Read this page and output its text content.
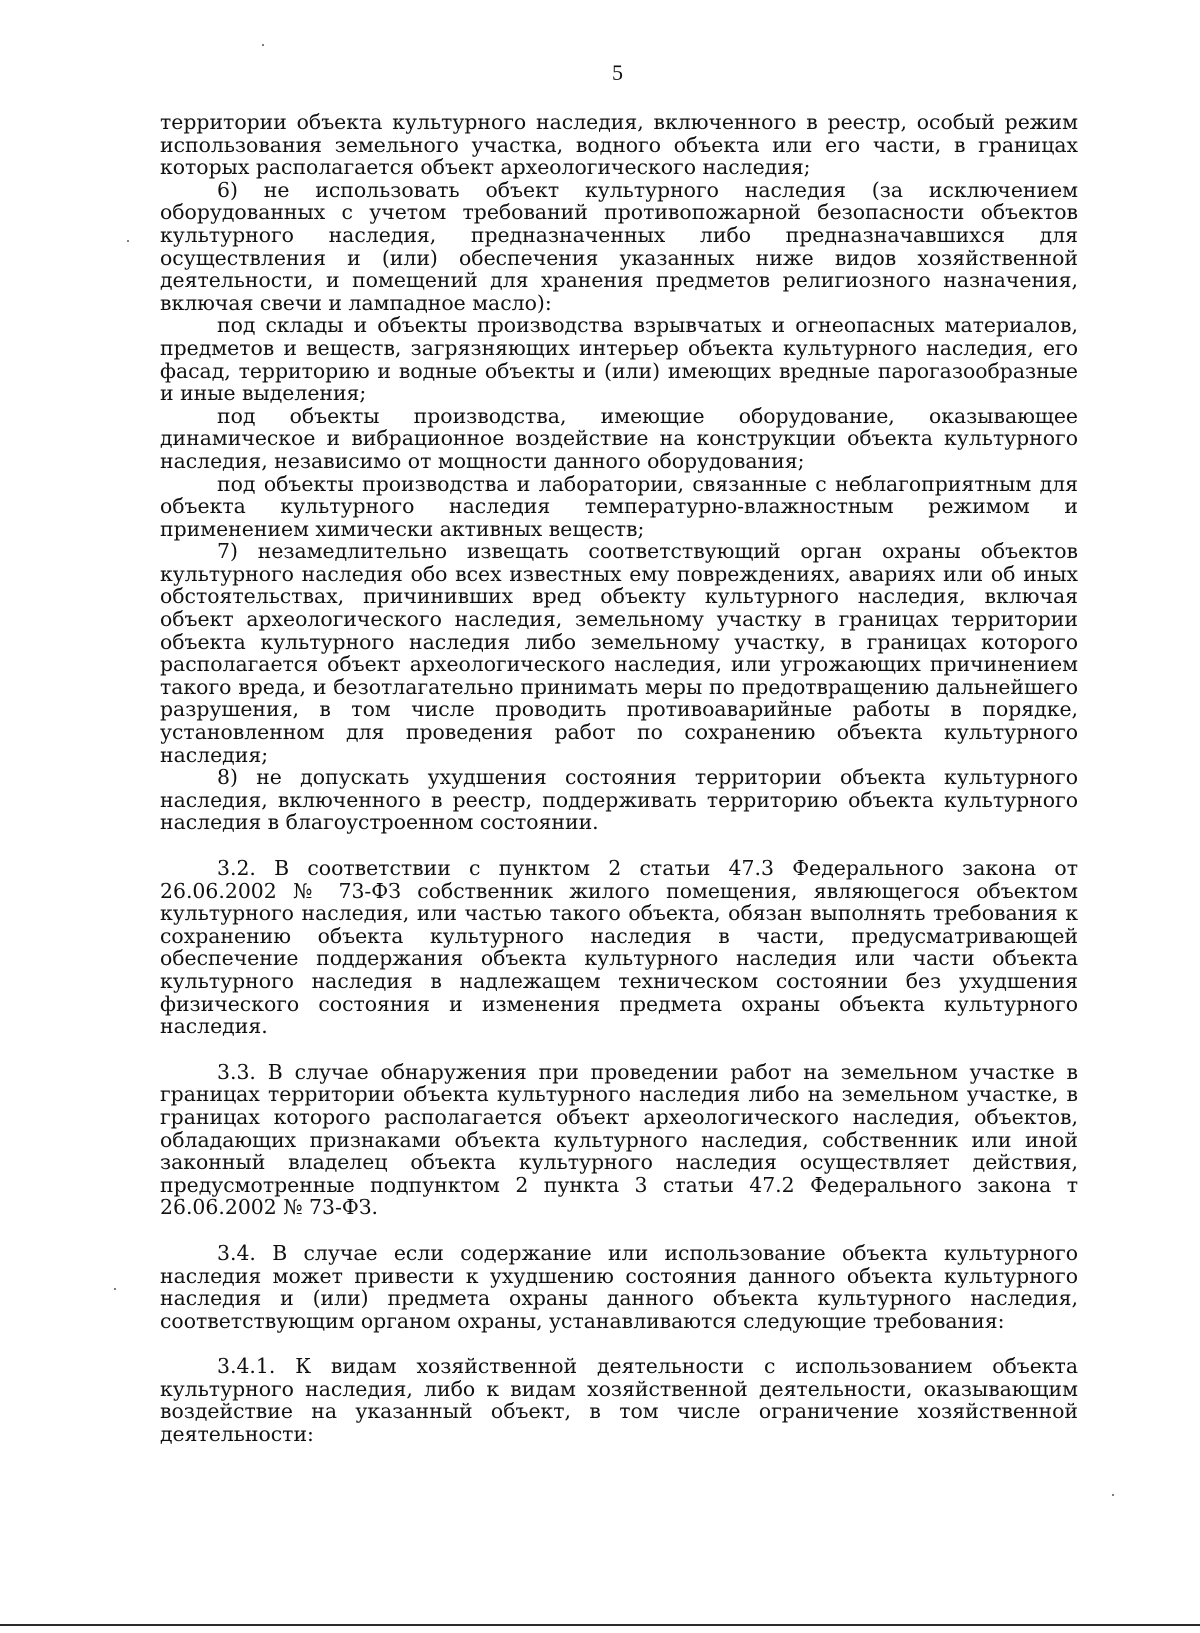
5

территории объекта культурного наследия, включенного в реестр, особый режим использования земельного участка, водного объекта или его части, в границах которых располагается объект археологического наследия;

6) не использовать объект культурного наследия (за исключением оборудованных с учетом требований противопожарной безопасности объектов культурного наследия, предназначенных либо предназначавшихся для осуществления и (или) обеспечения указанных ниже видов хозяйственной деятельности, и помещений для хранения предметов религиозного назначения, включая свечи и лампадное масло):

под склады и объекты производства взрывчатых и огнеопасных материалов, предметов и веществ, загрязняющих интерьер объекта культурного наследия, его фасад, территорию и водные объекты и (или) имеющих вредные парогазообразные и иные выделения;

под объекты производства, имеющие оборудование, оказывающее динамическое и вибрационное воздействие на конструкции объекта культурного наследия, независимо от мощности данного оборудования;

под объекты производства и лаборатории, связанные с неблагоприятным для объекта культурного наследия температурно-влажностным режимом и применением химически активных веществ;

7) незамедлительно извещать соответствующий орган охраны объектов культурного наследия обо всех известных ему повреждениях, авариях или об иных обстоятельствах, причинивших вред объекту культурного наследия, включая объект археологического наследия, земельному участку в границах территории объекта культурного наследия либо земельному участку, в границах которого располагается объект археологического наследия, или угрожающих причинением такого вреда, и безотлагательно принимать меры по предотвращению дальнейшего разрушения, в том числе проводить противоаварийные работы в порядке, установленном для проведения работ по сохранению объекта культурного наследия;

8) не допускать ухудшения состояния территории объекта культурного наследия, включенного в реестр, поддерживать территорию объекта культурного наследия в благоустроенном состоянии.

3.2. В соответствии с пунктом 2 статьи 47.3 Федерального закона от 26.06.2002 № 73-ФЗ собственник жилого помещения, являющегося объектом культурного наследия, или частью такого объекта, обязан выполнять требования к сохранению объекта культурного наследия в части, предусматривающей обеспечение поддержания объекта культурного наследия или части объекта культурного наследия в надлежащем техническом состоянии без ухудшения физического состояния и изменения предмета охраны объекта культурного наследия.

3.3. В случае обнаружения при проведении работ на земельном участке в границах территории объекта культурного наследия либо на земельном участке, в границах которого располагается объект археологического наследия, объектов, обладающих признаками объекта культурного наследия, собственник или иной законный владелец объекта культурного наследия осуществляет действия, предусмотренные подпунктом 2 пункта 3 статьи 47.2 Федерального закона т 26.06.2002 № 73-ФЗ.

3.4. В случае если содержание или использование объекта культурного наследия может привести к ухудшению состояния данного объекта культурного наследия и (или) предмета охраны данного объекта культурного наследия, соответствующим органом охраны, устанавливаются следующие требования:

3.4.1. К видам хозяйственной деятельности с использованием объекта культурного наследия, либо к видам хозяйственной деятельности, оказывающим воздействие на указанный объект, в том числе ограничение хозяйственной деятельности:
